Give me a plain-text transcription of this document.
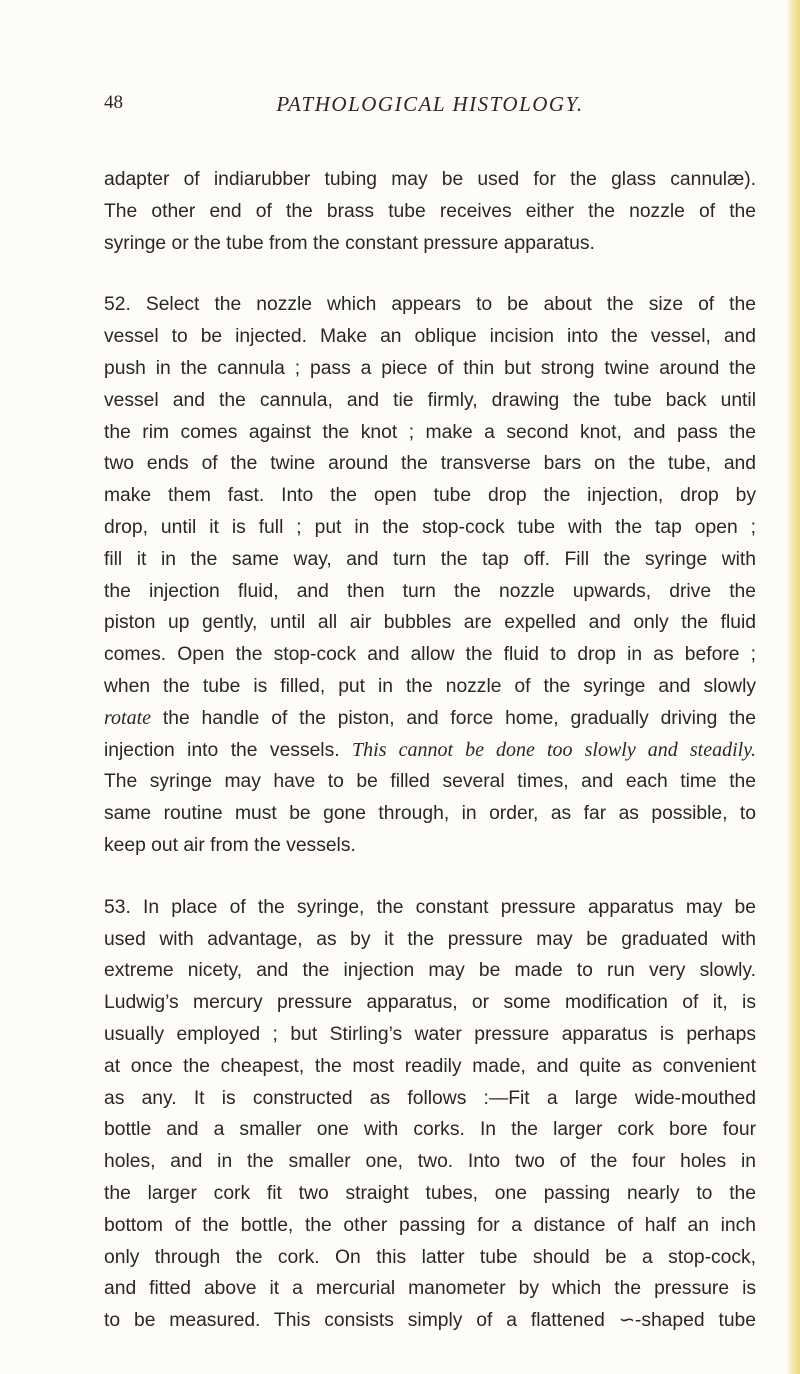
48	PATHOLOGICAL HISTOLOGY.
adapter of indiarubber tubing may be used for the glass cannulæ).
The other end of the brass tube receives either the nozzle of the
syringe or the tube from the constant pressure apparatus.
52. Select the nozzle which appears to be about the size of the
vessel to be injected. Make an oblique incision into the vessel, and
push in the cannula ; pass a piece of thin but strong twine around the
vessel and the cannula, and tie firmly, drawing the tube back until
the rim comes against the knot ; make a second knot, and pass the
two ends of the twine around the transverse bars on the tube, and
make them fast. Into the open tube drop the injection, drop by
drop, until it is full ; put in the stop-cock tube with the tap open ;
fill it in the same way, and turn the tap off. Fill the syringe with
the injection fluid, and then turn the nozzle upwards, drive the
piston up gently, until all air bubbles are expelled and only the fluid
comes. Open the stop-cock and allow the fluid to drop in as before ;
when the tube is filled, put in the nozzle of the syringe and slowly
rotate the handle of the piston, and force home, gradually driving the
injection into the vessels. This cannot be done too slowly and steadily.
The syringe may have to be filled several times, and each time the
same routine must be gone through, in order, as far as possible, to
keep out air from the vessels.
53. In place of the syringe, the constant pressure apparatus may be
used with advantage, as by it the pressure may be graduated with
extreme nicety, and the injection may be made to run very slowly.
Ludwig’s mercury pressure apparatus, or some modification of it, is
usually employed ; but Stirling’s water pressure apparatus is perhaps
at once the cheapest, the most readily made, and quite as convenient
as any. It is constructed as follows :—Fit a large wide-mouthed
bottle and a smaller one with corks. In the larger cork bore four
holes, and in the smaller one, two. Into two of the four holes in
the larger cork fit two straight tubes, one passing nearly to the
bottom of the bottle, the other passing for a distance of half an inch
only through the cork. On this latter tube should be a stop-cock,
and fitted above it a mercurial manometer by which the pressure is
to be measured. This consists simply of a flattened ∽-shaped tube
